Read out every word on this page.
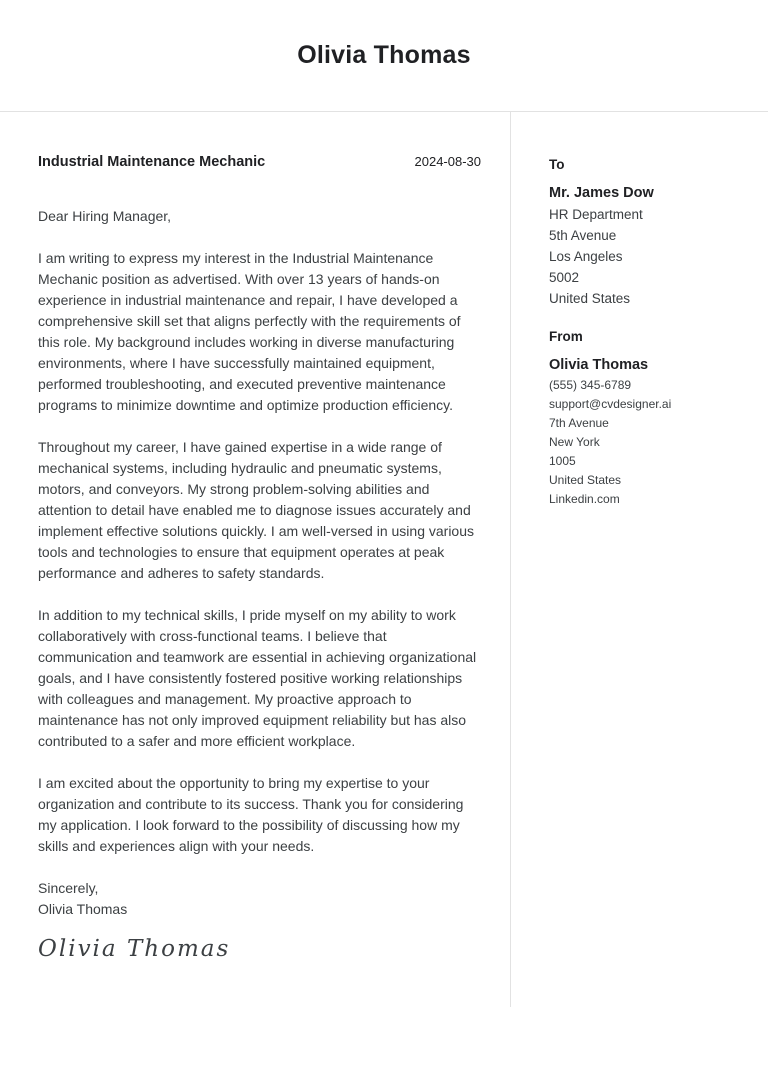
Olivia Thomas
Industrial Maintenance Mechanic	2024-08-30

Dear Hiring Manager,

I am writing to express my interest in the Industrial Maintenance Mechanic position as advertised. With over 13 years of hands-on experience in industrial maintenance and repair, I have developed a comprehensive skill set that aligns perfectly with the requirements of this role. My background includes working in diverse manufacturing environments, where I have successfully maintained equipment, performed troubleshooting, and executed preventive maintenance programs to minimize downtime and optimize production efficiency.

Throughout my career, I have gained expertise in a wide range of mechanical systems, including hydraulic and pneumatic systems, motors, and conveyors. My strong problem-solving abilities and attention to detail have enabled me to diagnose issues accurately and implement effective solutions quickly. I am well-versed in using various tools and technologies to ensure that equipment operates at peak performance and adheres to safety standards.

In addition to my technical skills, I pride myself on my ability to work collaboratively with cross-functional teams. I believe that communication and teamwork are essential in achieving organizational goals, and I have consistently fostered positive working relationships with colleagues and management. My proactive approach to maintenance has not only improved equipment reliability but has also contributed to a safer and more efficient workplace.

I am excited about the opportunity to bring my expertise to your organization and contribute to its success. Thank you for considering my application. I look forward to the possibility of discussing how my skills and experiences align with your needs.

Sincerely,
Olivia Thomas
Olivia Thomas
To
Mr. James Dow
HR Department
5th Avenue
Los Angeles
5002
United States
From
Olivia Thomas
(555) 345-6789
support@cvdesigner.ai
7th Avenue
New York
1005
United States
Linkedin.com
